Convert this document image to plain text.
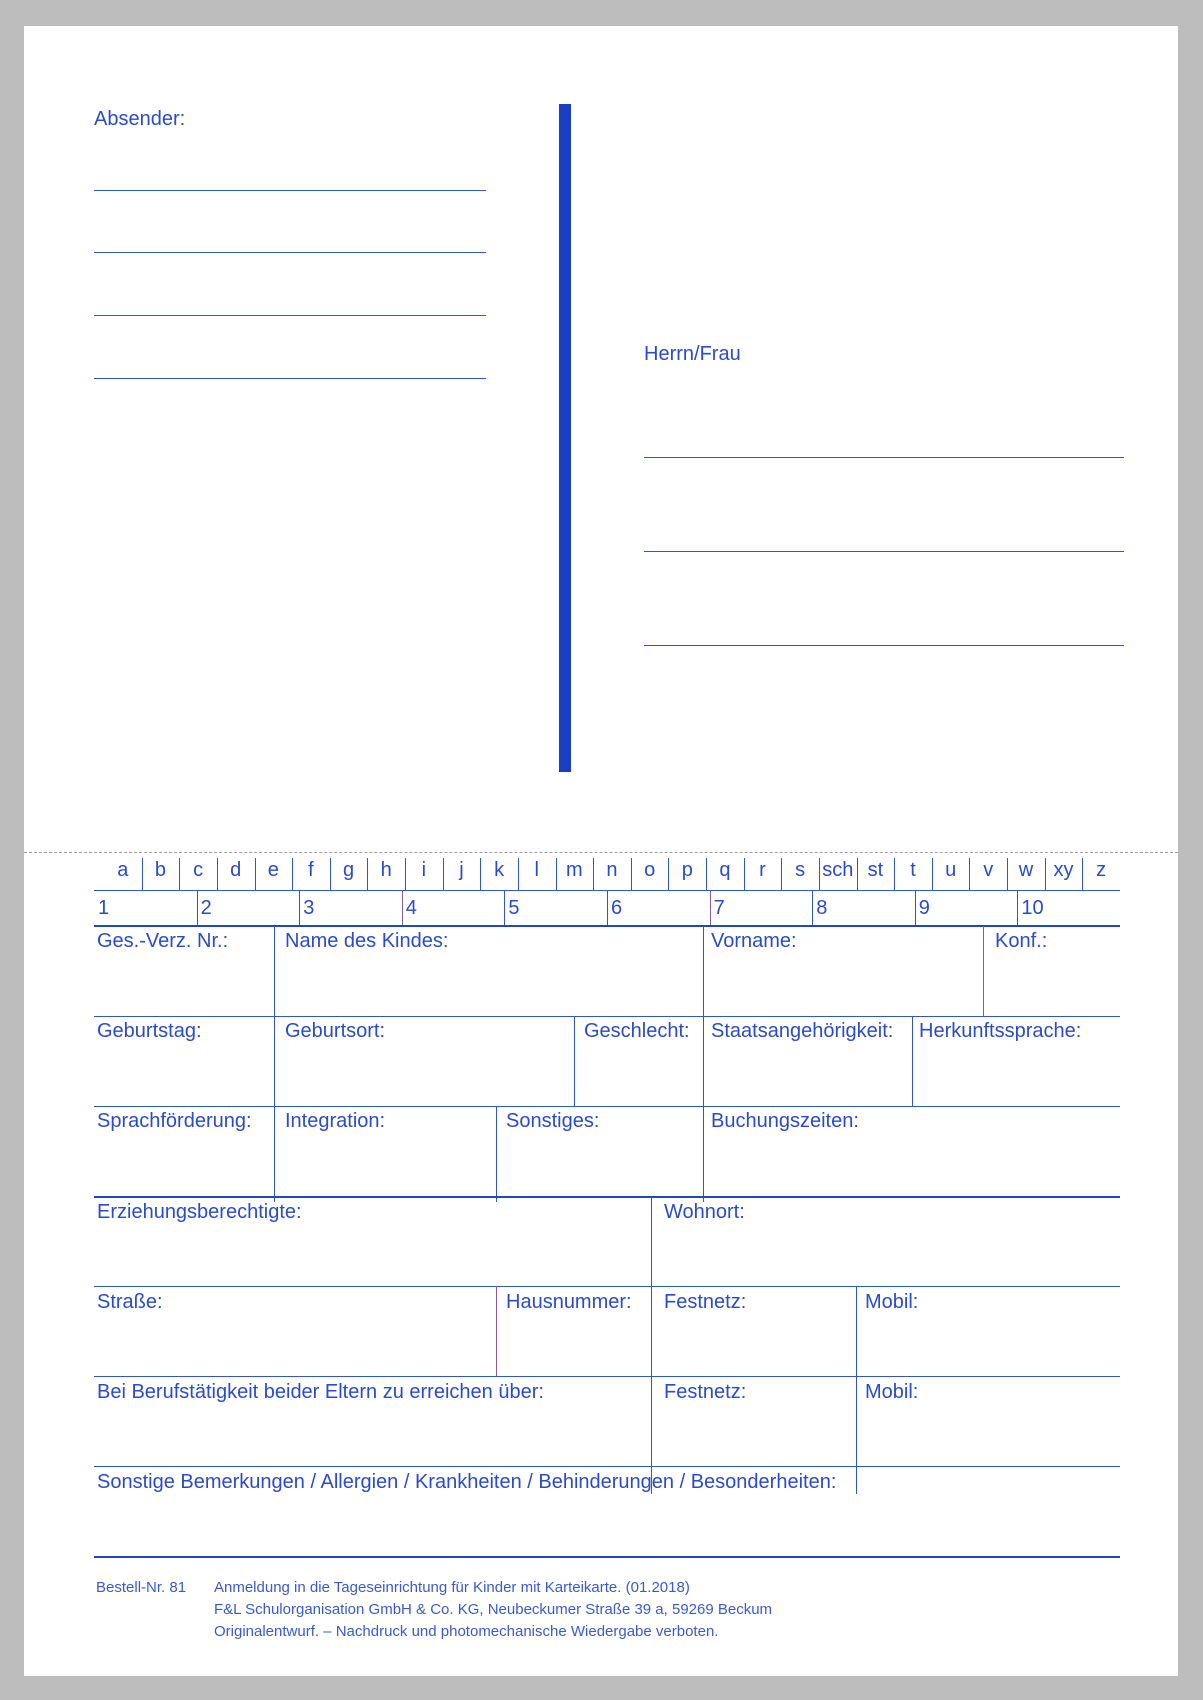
Absender:
Herrn/Frau
Ges.-Verz. Nr.:	Name des Kindes:	Vorname:	Konf.:
Geburtstag:	Geburtsort:	Geschlecht: Staatsangehörigkeit: Herkunftssprache:
Sprachförderung: Integration:	Sonstiges:	Buchungszeiten:
Erziehungsberechtigte:	Wohnort:
Straße:	Hausnummer: Festnetz:	Mobil:
Bei Berufstätigkeit beider Eltern zu erreichen über:	Festnetz:	Mobil:
Sonstige Bemerkungen / Allergien / Krankheiten / Behinderungen / Besonderheiten:
Bestell-Nr. 81 Anmeldung in die Tageseinrichtung für Kinder mit Karteikarte. (01.2018)
F&L Schulorganisation GmbH & Co. KG, Neubeckumer Straße 39 a, 59269 Beckum
Originalentwurf. – Nachdruck und photomechanische Wiedergabe verboten.
a	b	c	d	e	f	g	h	i	j	k	l	m	n	o	p	q	r	s sch st	t	u	v	w	xy	z
1	2	3	4	5	6	7	8	9	10
